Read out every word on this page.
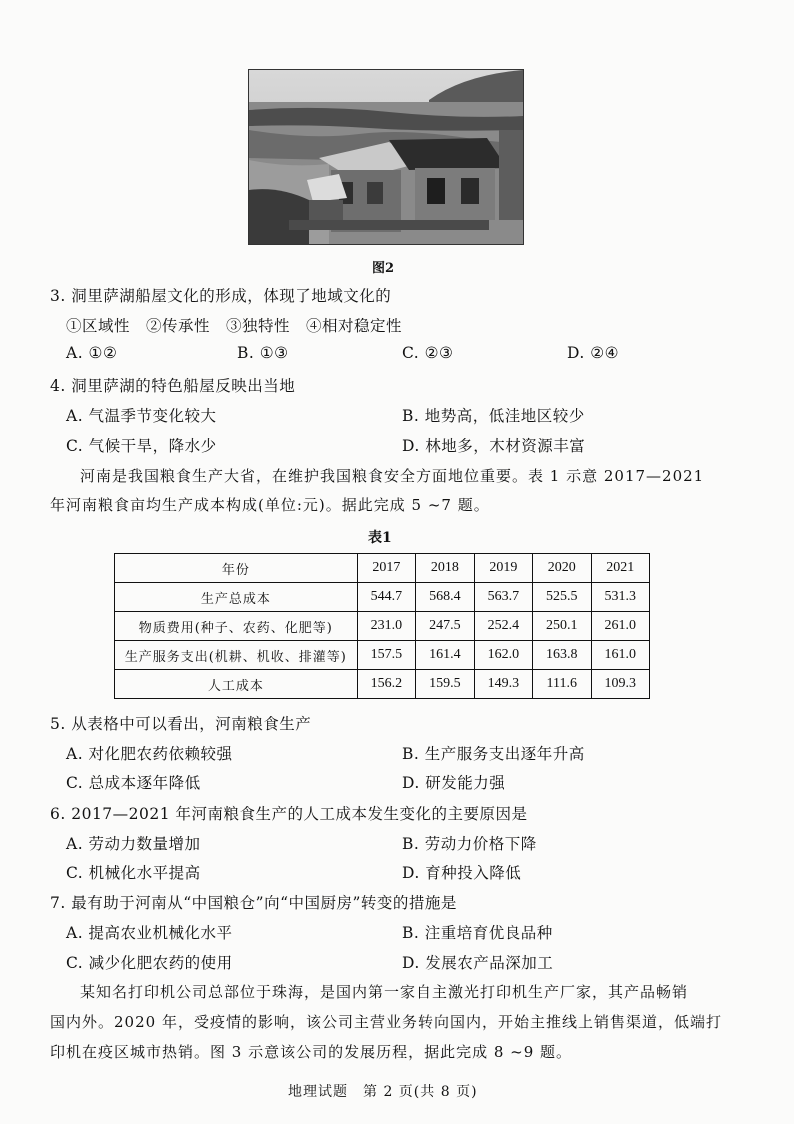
图2
3. 洞里萨湖船屋文化的形成，体现了地域文化的
①区域性　②传承性　③独特性　④相对稳定性
A. ①②	B. ①③	C. ②③	D. ②④
4. 洞里萨湖的特色船屋反映出当地
A. 气温季节变化较大	B. 地势高，低洼地区较少
C. 气候干旱，降水少	D. 林地多，木材资源丰富
河南是我国粮食生产大省，在维护我国粮食安全方面地位重要。表 1 示意 2017—2021
年河南粮食亩均生产成本构成(单位:元)。据此完成 5 ~7 题。
表1
年份	2017	2018	2019	2020	2021
生产总成本	544.7	568.4	563.7	525.5	531.3
物质费用(种子、农药、化肥等)	231.0	247.5	252.4	250.1	261.0
生产服务支出(机耕、机收、排灌等)	157.5	161.4	162.0	163.8	161.0
人工成本	156.2	159.5	149.3	111.6	109.3
5. 从表格中可以看出，河南粮食生产
A. 对化肥农药依赖较强	B. 生产服务支出逐年升高
C. 总成本逐年降低	D. 研发能力强
6. 2017—2021 年河南粮食生产的人工成本发生变化的主要原因是
A. 劳动力数量增加	B. 劳动力价格下降
C. 机械化水平提高	D. 育种投入降低
7. 最有助于河南从“中国粮仓”向“中国厨房”转变的措施是
A. 提高农业机械化水平	B. 注重培育优良品种
C. 减少化肥农药的使用	D. 发展农产品深加工
某知名打印机公司总部位于珠海，是国内第一家自主激光打印机生产厂家，其产品畅销
国内外。2020 年，受疫情的影响，该公司主营业务转向国内，开始主推线上销售渠道，低端打
印机在疫区城市热销。图 3 示意该公司的发展历程，据此完成 8 ~9 题。
地理试题　第 2 页(共 8 页)
